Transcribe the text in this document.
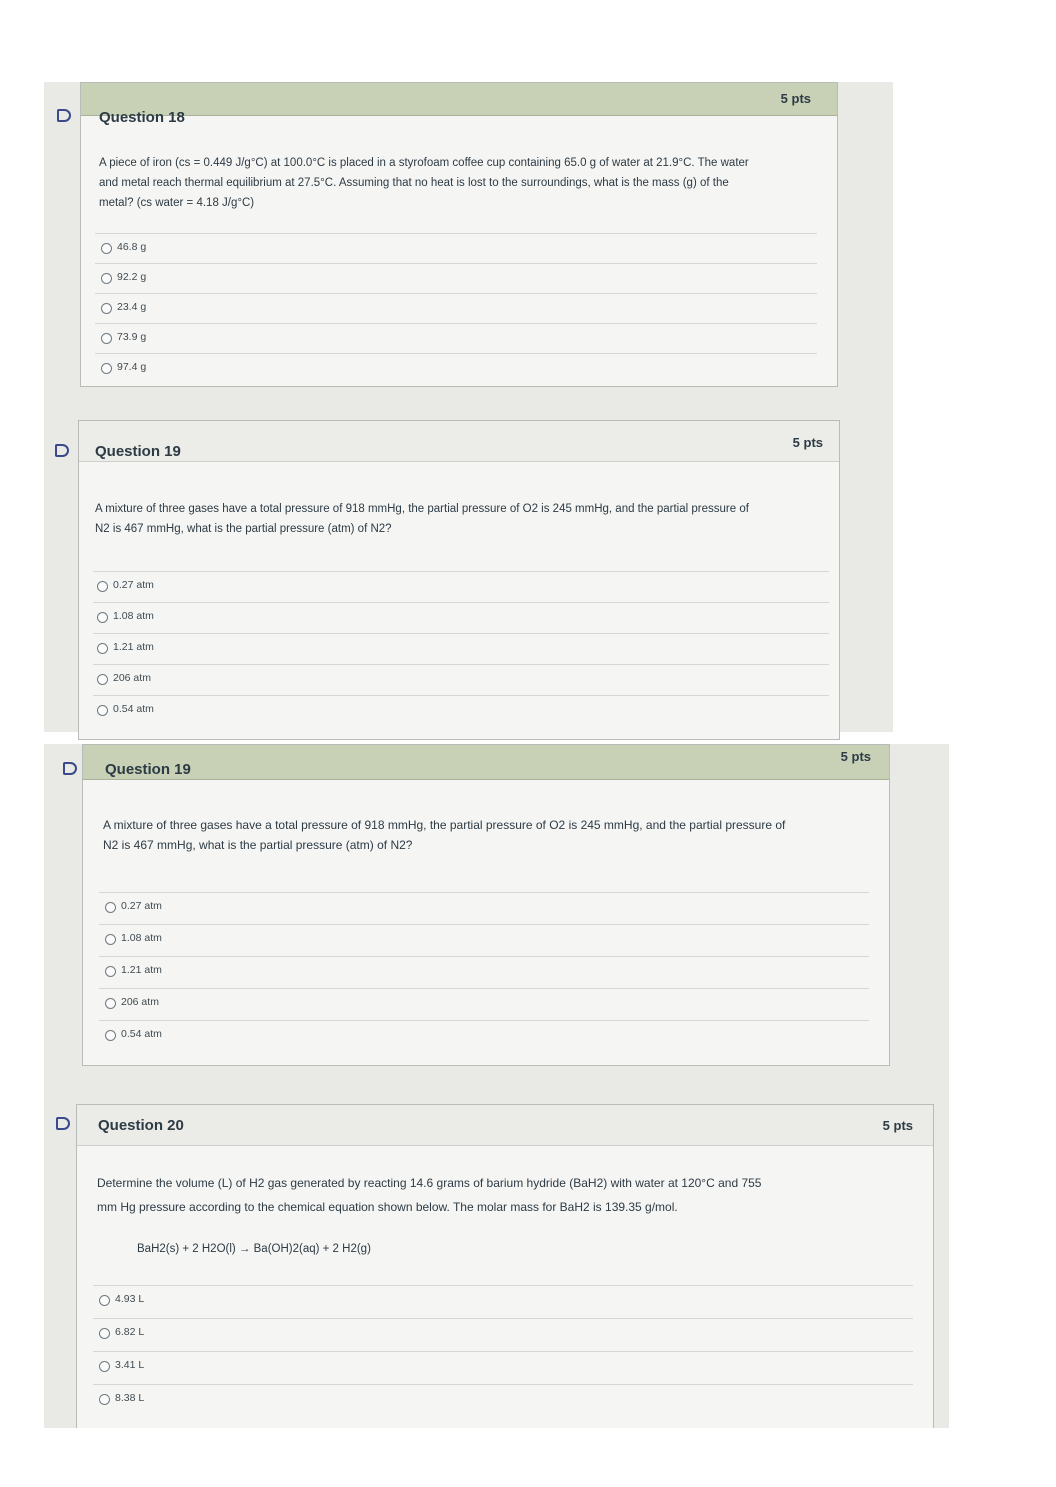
Question 18
5 pts
A piece of iron (cs = 0.449 J/g°C) at 100.0°C is placed in a styrofoam coffee cup containing 65.0 g of water at 21.9°C. The water
and metal reach thermal equilibrium at 27.5°C. Assuming that no heat is lost to the surroundings, what is the mass (g) of the
metal? (cs water = 4.18 J/g°C)
46.8 g
92.2 g
23.4 g
73.9 g
97.4 g
Question 19
5 pts
A mixture of three gases have a total pressure of 918 mmHg, the partial pressure of O2 is 245 mmHg, and the partial pressure of
N2 is 467 mmHg, what is the partial pressure (atm) of N2?
0.27 atm
1.08 atm
1.21 atm
206 atm
0.54 atm
Question 19
5 pts
A mixture of three gases have a total pressure of 918 mmHg, the partial pressure of O2 is 245 mmHg, and the partial pressure of
N2 is 467 mmHg, what is the partial pressure (atm) of N2?
0.27 atm
1.08 atm
1.21 atm
206 atm
0.54 atm
Question 20	5 pts
Determine the volume (L) of H2 gas generated by reacting 14.6 grams of barium hydride (BaH2) with water at 120°C and 755
mm Hg pressure according to the chemical equation shown below. The molar mass for BaH2 is 139.35 g/mol.
BaH2(s) + 2 H2O(l) → Ba(OH)2(aq) + 2 H2(g)
4.93 L
6.82 L
3.41 L
8.38 L
